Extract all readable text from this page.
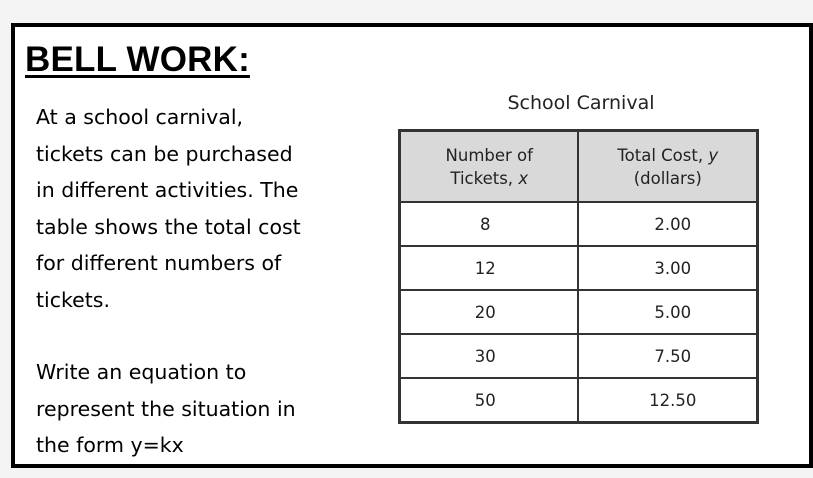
BELL WORK:

At a school carnival,

tickets can be purchased

in different activities. The

table shows the total cost

for different numbers of

tickets.

Write an equation to

represent the situation in

the form y=kx

School Carnival
Number of
Tickets, x	Total Cost, y
(dollars)
8	2.00
12	3.00
20	5.00
30	7.50
50	12.50
